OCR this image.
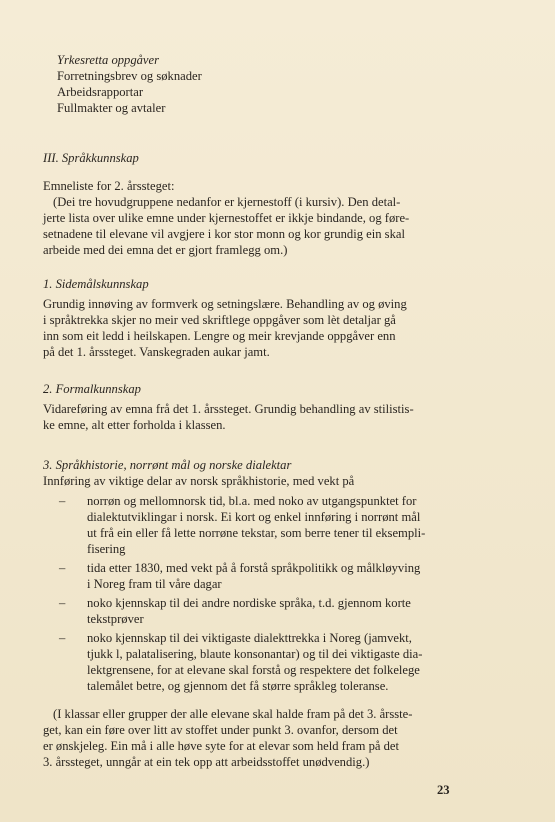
Yrkesretta oppgåver
Forretningsbrev og søknader
Arbeidsrapportar
Fullmakter og avtaler
III. Språkkunnskap
Emneliste for 2. årssteget:
(Dei tre hovudgruppene nedanfor er kjernestoff (i kursiv). Den detal-
jerte lista over ulike emne under kjernestoffet er ikkje bindande, og føre-
setnadene til elevane vil avgjere i kor stor monn og kor grundig ein skal
arbeide med dei emna det er gjort framlegg om.)
1. Sidemålskunnskap
Grundig innøving av formverk og setningslære. Behandling av og øving
i språktrekka skjer no meir ved skriftlege oppgåver som lèt detaljar gå
inn som eit ledd i heilskapen. Lengre og meir krevjande oppgåver enn
på det 1. årssteget. Vanskegraden aukar jamt.
2. Formalkunnskap
Vidareføring av emna frå det 1. årssteget. Grundig behandling av stilistis-
ke emne, alt etter forholda i klassen.
3. Språkhistorie, norrønt mål og norske dialektar
Innføring av viktige delar av norsk språkhistorie, med vekt på
–	norrøn og mellomnorsk tid, bl.a. med noko av utgangspunktet for
dialektutviklingar i norsk. Ei kort og enkel innføring i norrønt mål
ut frå ein eller få lette norrøne tekstar, som berre tener til eksempli-
fisering
–	tida etter 1830, med vekt på å forstå språkpolitikk og målkløyving
i Noreg fram til våre dagar
–	noko kjennskap til dei andre nordiske språka, t.d. gjennom korte
tekstprøver
–	noko kjennskap til dei viktigaste dialekttrekka i Noreg (jamvekt,
tjukk l, palatalisering, blaute konsonantar) og til dei viktigaste dia-
lektgrensene, for at elevane skal forstå og respektere det folkelege
talemålet betre, og gjennom det få større språkleg toleranse.
(I klassar eller grupper der alle elevane skal halde fram på det 3. årsste-
get, kan ein føre over litt av stoffet under punkt 3. ovanfor, dersom det
er ønskjeleg. Ein må i alle høve syte for at elevar som held fram på det
3. årssteget, unngår at ein tek opp att arbeidsstoffet unødvendig.)
23
